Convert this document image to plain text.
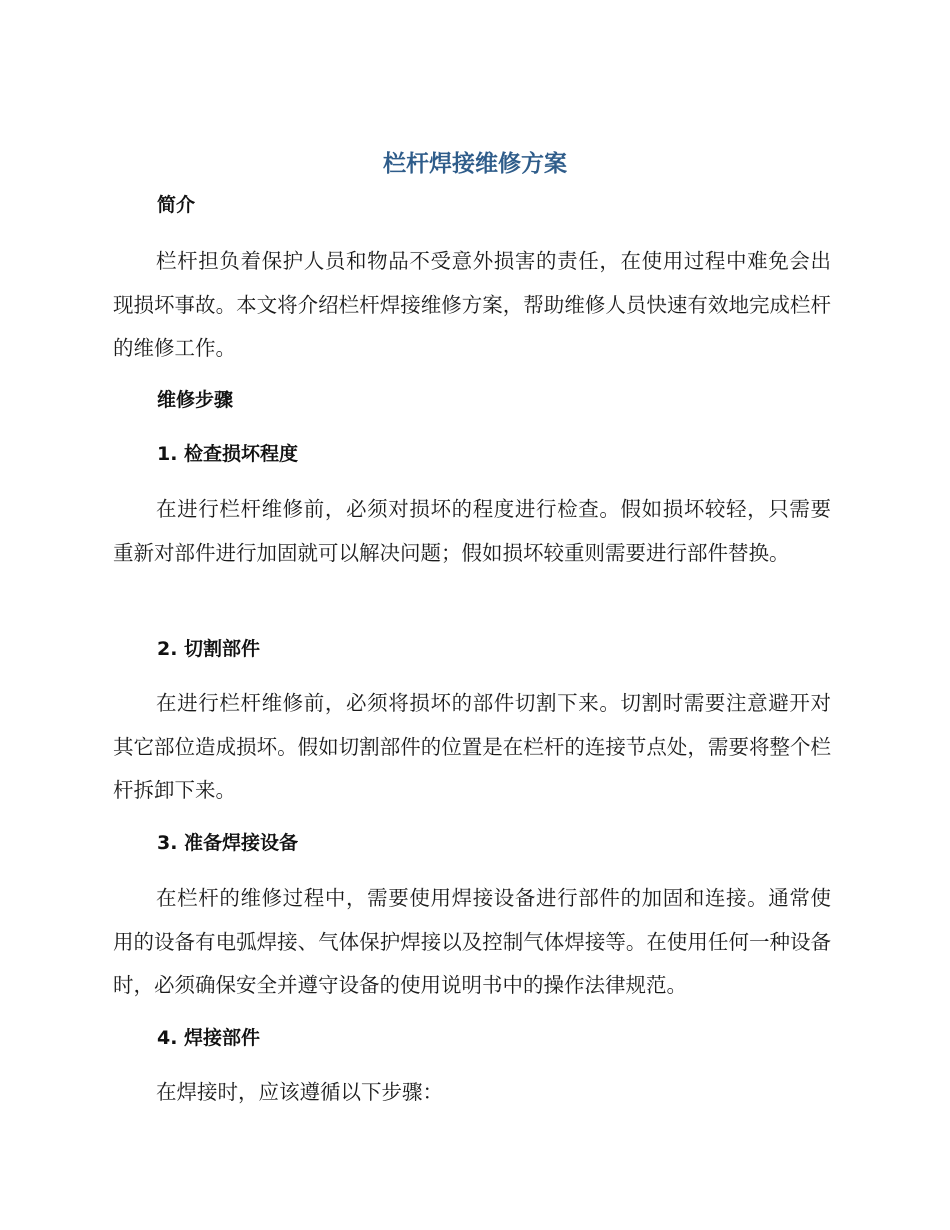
栏杆焊接维修方案
简介

栏杆担负着保护人员和物品不受意外损害的责任，在使用过程中难免会出现损坏事故。本文将介绍栏杆焊接维修方案，帮助维修人员快速有效地完成栏杆的维修工作。

维修步骤
1. 检查损坏程度

在进行栏杆维修前，必须对损坏的程度进行检查。假如损坏较轻，只需要重新对部件进行加固就可以解决问题；假如损坏较重则需要进行部件替换。

2. 切割部件

在进行栏杆维修前，必须将损坏的部件切割下来。切割时需要注意避开对其它部位造成损坏。假如切割部件的位置是在栏杆的连接节点处，需要将整个栏杆拆卸下来。

3. 准备焊接设备

在栏杆的维修过程中，需要使用焊接设备进行部件的加固和连接。通常使用的设备有电弧焊接、气体保护焊接以及控制气体焊接等。在使用任何一种设备时，必须确保安全并遵守设备的使用说明书中的操作法律规范。

4. 焊接部件

在焊接时，应该遵循以下步骤：
